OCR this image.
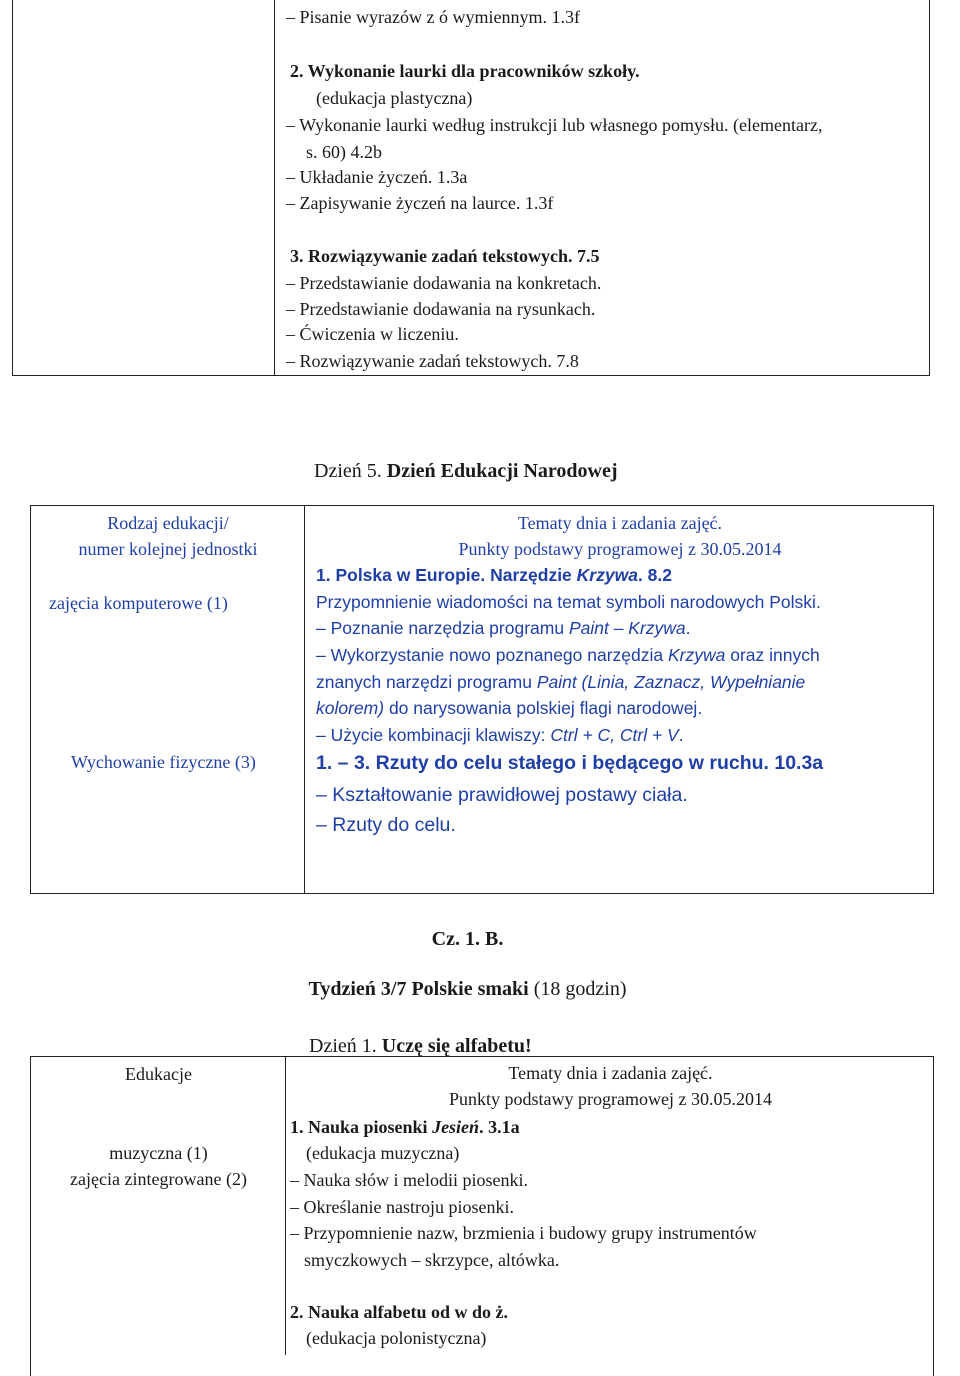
– Pisanie wyrazów z ó wymiennym. 1.3f
2. Wykonanie laurki dla pracowników szkoły.
(edukacja plastyczna)
– Wykonanie laurki według instrukcji lub własnego pomysłu. (elementarz,
s. 60) 4.2b
– Układanie życzeń. 1.3a
– Zapisywanie życzeń na laurce. 1.3f
3. Rozwiązywanie zadań tekstowych. 7.5
– Przedstawianie dodawania na konkretach.
– Przedstawianie dodawania na rysunkach.
– Ćwiczenia w liczeniu.
– Rozwiązywanie zadań tekstowych. 7.8
Dzień 5. Dzień Edukacji Narodowej
Rodzaj edukacji/
numer kolejnej jednostki
Tematy dnia i zadania zajęć.
Punkty podstawy programowej z 30.05.2014
zajęcia komputerowe (1)
1. Polska w Europie. Narzędzie Krzywa. 8.2
Przypomnienie wiadomości na temat symboli narodowych Polski.
– Poznanie narzędzia programu Paint – Krzywa.
– Wykorzystanie nowo poznanego narzędzia Krzywa oraz innych
znanych narzędzi programu Paint (Linia, Zaznacz, Wypełnianie
kolorem) do narysowania polskiej flagi narodowej.
– Użycie kombinacji klawiszy: Ctrl + C, Ctrl + V.
Wychowanie fizyczne (3)	1. – 3. Rzuty do celu stałego i będącego w ruchu. 10.3a
– Kształtowanie prawidłowej postawy ciała.
– Rzuty do celu.
Cz. 1. B.
Tydzień 3/7 Polskie smaki (18 godzin)
Dzień 1. Uczę się alfabetu!
Edukacje	Tematy dnia i zadania zajęć.
Punkty podstawy programowej z 30.05.2014
muzyczna (1)
zajęcia zintegrowane (2)
1. Nauka piosenki Jesień. 3.1a
(edukacja muzyczna)
– Nauka słów i melodii piosenki.
– Określanie nastroju piosenki.
– Przypomnienie nazw, brzmienia i budowy grupy instrumentów
smyczkowych – skrzypce, altówka.
2. Nauka alfabetu od w do ż.
(edukacja polonistyczna)
